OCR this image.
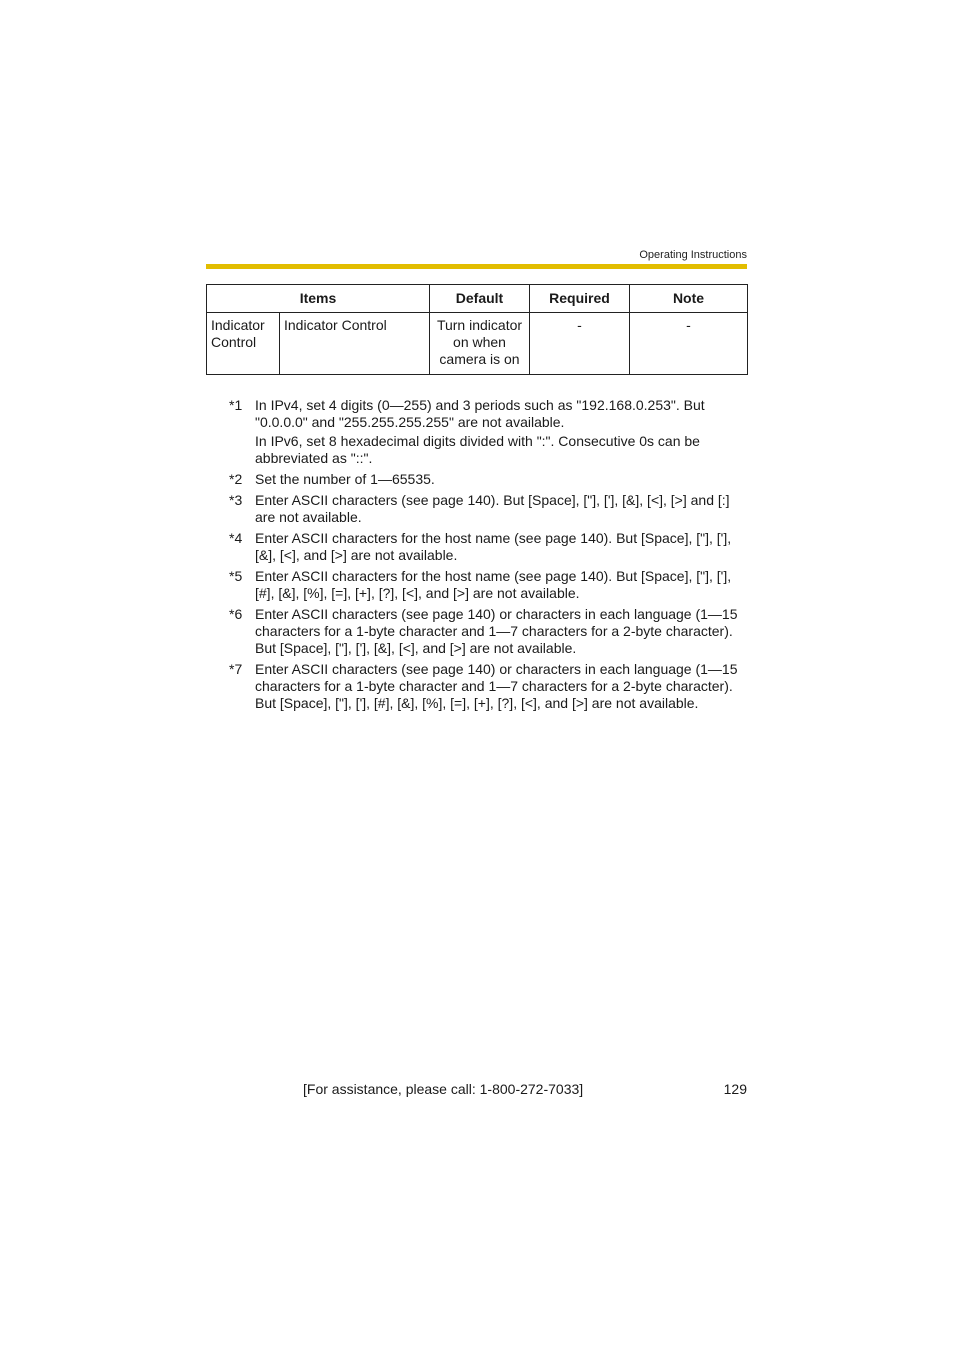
Operating Instructions
Items		Default	Required	Note
Indicator Control	Indicator Control	Turn indicator on when camera is on	-	-
*1 In IPv4, set 4 digits (0—255) and 3 periods such as "192.168.0.253". But "0.0.0.0" and "255.255.255.255" are not available.

In IPv6, set 8 hexadecimal digits divided with ":". Consecutive 0s can be abbreviated as "::".

*2 Set the number of 1—65535.

*3 Enter ASCII characters (see page 140). But [Space], ["], ['], [&], [<], [>] and [:] are not available.

*4 Enter ASCII characters for the host name (see page 140). But [Space], ["], ['], [&], [<], and [>] are not available.

*5 Enter ASCII characters for the host name (see page 140). But [Space], ["], ['], [#], [&], [%], [=], [+], [?], [<], and [>] are not available.

*6 Enter ASCII characters (see page 140) or characters in each language (1—15 characters for a 1-byte character and 1—7 characters for a 2-byte character). But [Space], ["], ['], [&], [<], and [>] are not available.

*7 Enter ASCII characters (see page 140) or characters in each language (1—15 characters for a 1-byte character and 1—7 characters for a 2-byte character). But [Space], ["], ['], [#], [&], [%], [=], [+], [?], [<], and [>] are not available.

[For assistance, please call: 1-800-272-7033]	129
